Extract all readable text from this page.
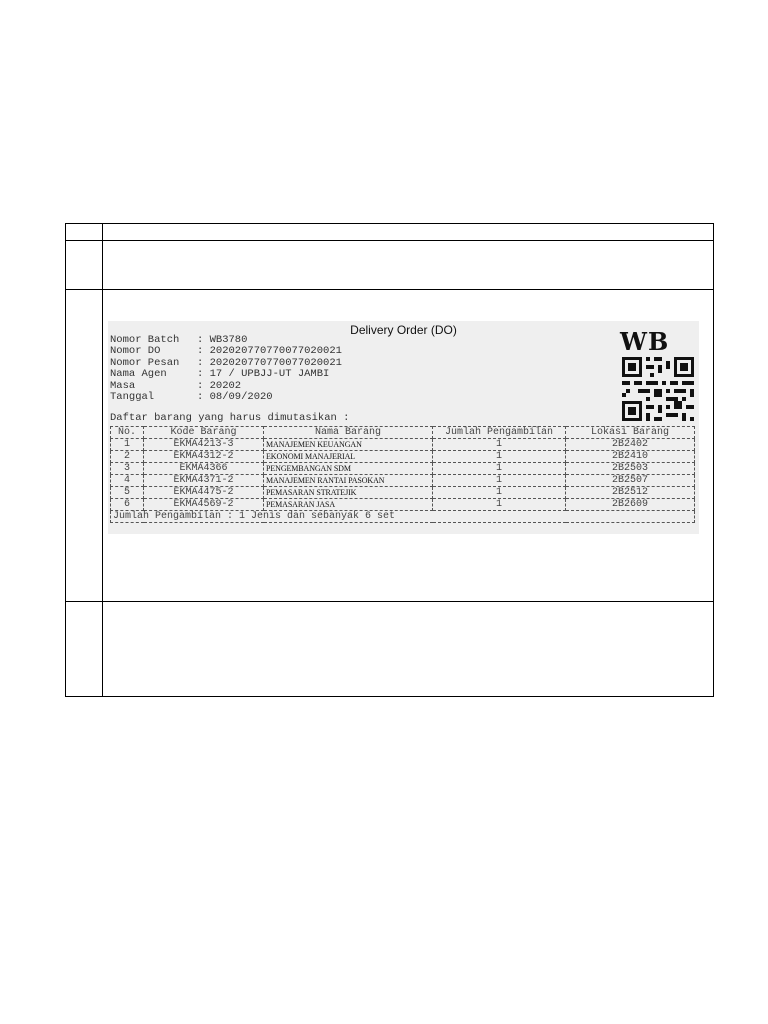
Delivery Order (DO)
Nomor Batch : WB3780
Nomor DO	: 202020770770077020021
Nomor Pesan : 202020770770077020021
Nama Agen	: 17 / UPBJJ-UT JAMBI
Masa	: 20202
Tanggal	: 08/09/2020
Daftar barang yang harus dimutasikan :
WB
No.	Kode Barang	Nama Barang	Jumlah Pengambilan	Lokasi Barang
1	EKMA4213-3	MANAJEMEN KEUANGAN	1	2B2402
2	EKMA4312-2	EKONOMI MANAJERIAL	1	2B2410
3	EKMA4366	PENGEMBANGAN SDM	1	2B2503
4	EKMA4371-2	MANAJEMEN RANTAI PASOKAN	1	2B2507
5	EKMA4475-2	PEMASARAN STRATEJIK	1	2B2512
6	EKMA4569-2	PEMASARAN JASA	1	2B2609
Jumlah Pengambilan : 1 Jenis dan sebanyak 6 set				
